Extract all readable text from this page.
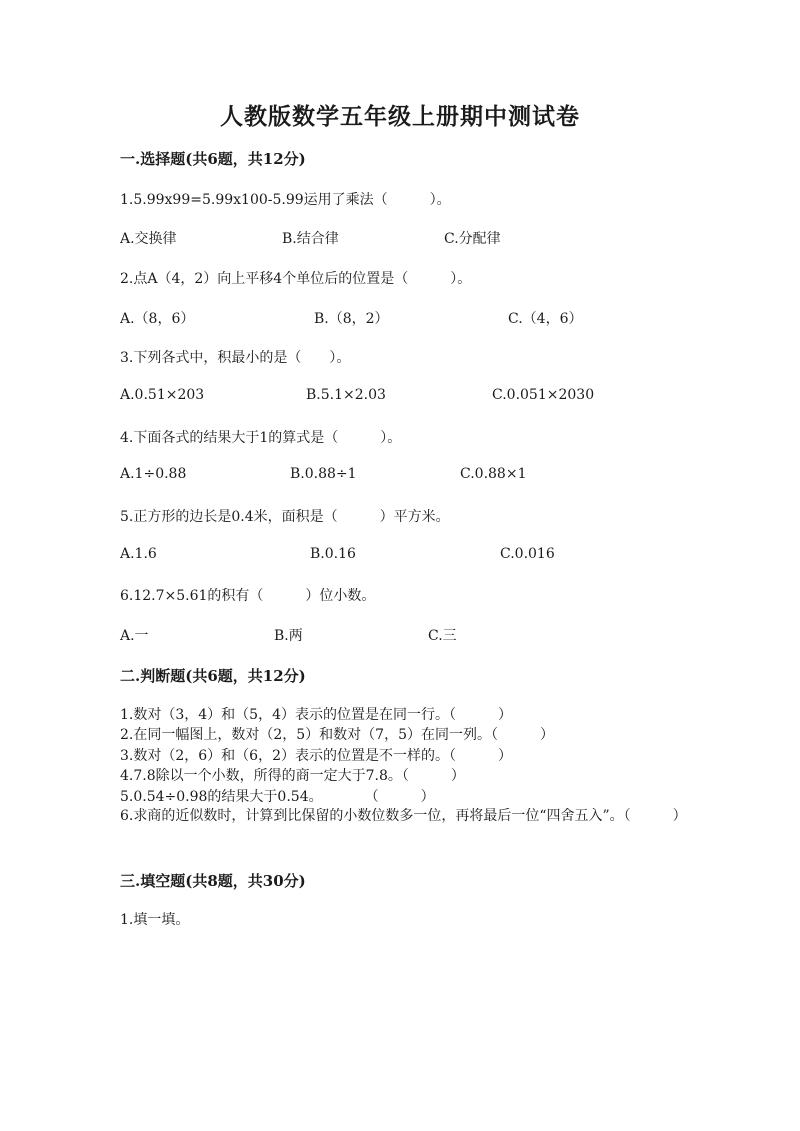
人教版数学五年级上册期中测试卷

一.选择题(共6题，共12分)

1.5.99x99=5.99x100-5.99运用了乘法（　　　）。

A.交换律	B.结合律	C.分配律

2.点A（4，2）向上平移4个单位后的位置是（　　　）。

A.（8，6）	B.（8，2）	C.（4，6）

3.下列各式中，积最小的是（　　）。

A.0.51×203	B.5.1×2.03	C.0.051×2030

4.下面各式的结果大于1的算式是（　　　）。

A.1÷0.88	B.0.88÷1	C.0.88×1

5.正方形的边长是0.4米，面积是（　　　）平方米。

A.1.6	B.0.16	C.0.016

6.12.7×5.61的积有（　　　）位小数。

A.一	B.两	C.三

二.判断题(共6题，共12分)

1.数对（3，4）和（5，4）表示的位置是在同一行。（　　　）

2.在同一幅图上，数对（2，5）和数对（7，5）在同一列。（　　　）

3.数对（2，6）和（6，2）表示的位置是不一样的。（　　　）

4.7.8除以一个小数，所得的商一定大于7.8。（　　　）

5.0.54÷0.98的结果大于0.54。　　　　（　　　）

6.求商的近似数时，计算到比保留的小数位数多一位，再将最后一位“四舍五入”。（　　　）

三.填空题(共8题，共30分)

1.填一填。
